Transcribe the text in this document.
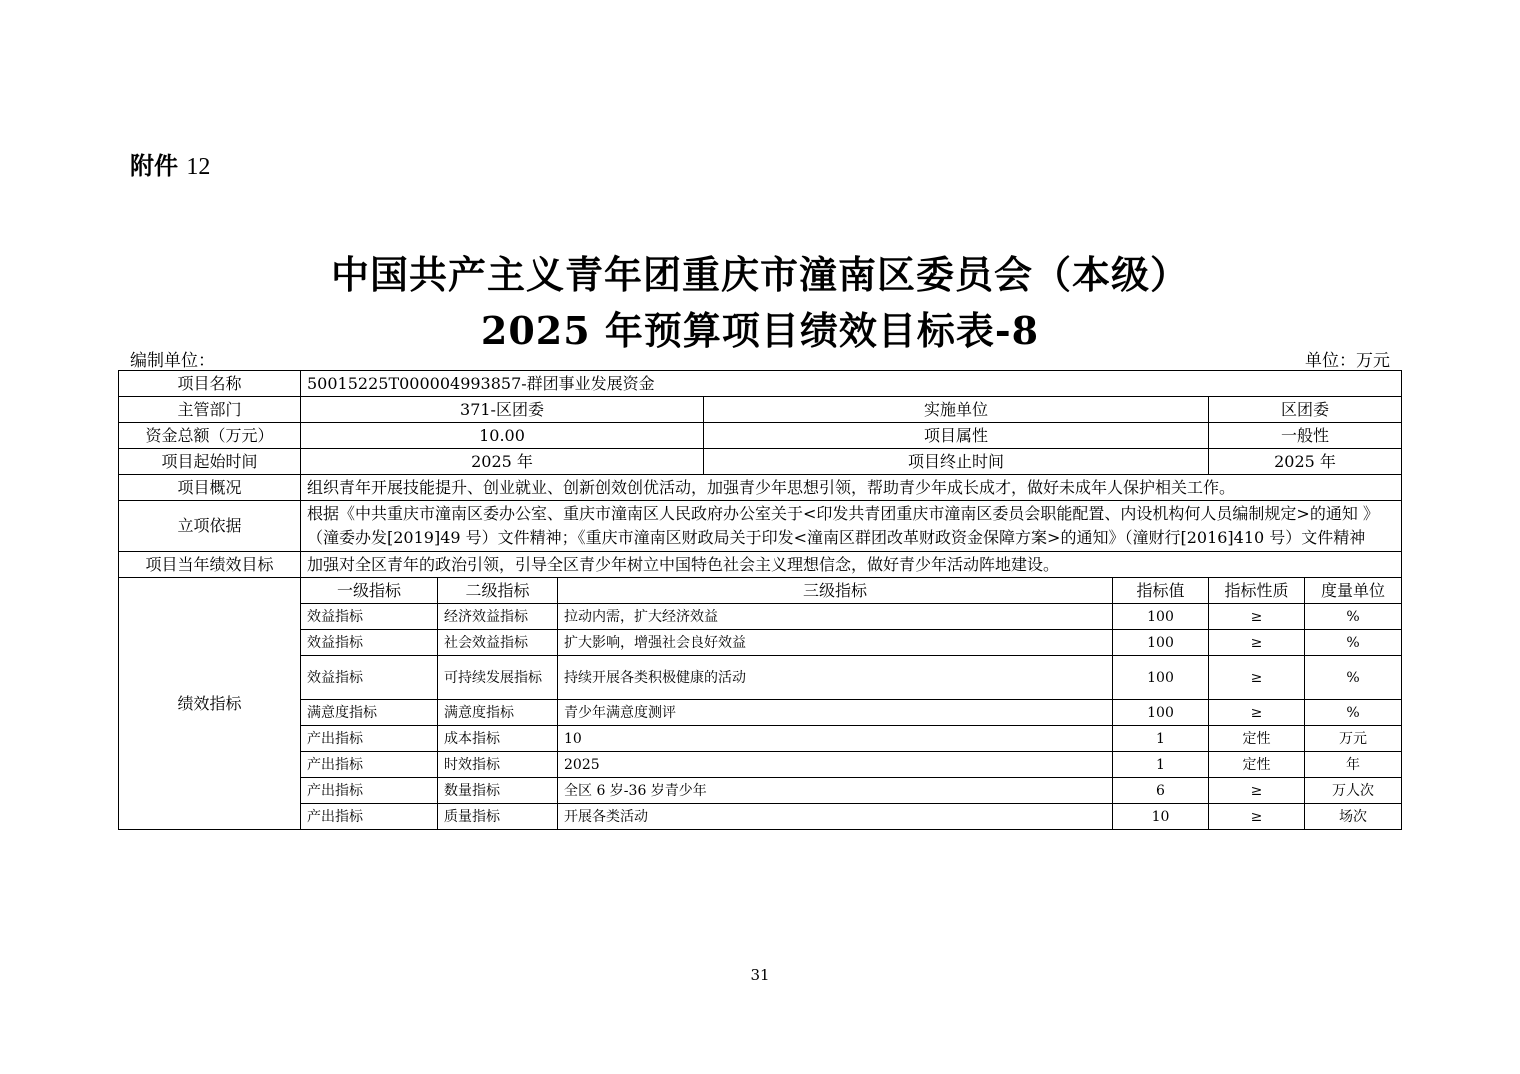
附件 12
中国共产主义青年团重庆市潼南区委员会（本级）
2025 年预算项目绩效目标表-8
编制单位：	单位：万元
项目名称	50015225T000004993857-群团事业发展资金						
主管部门	371-区团委			实施单位		区团委	
资金总额（万元）	10.00			项目属性		一般性	
项目起始时间	2025 年			项目终止时间		2025 年	
项目概况	组织青年开展技能提升、创业就业、创新创效创优活动，加强青少年思想引领，帮助青少年成长成才，做好未成年人保护相关工作。						
立项依据	根据《中共重庆市潼南区委办公室、重庆市潼南区人民政府办公室关于<印发共青团重庆市潼南区委员会职能配置、内设机构何人员编制规定>的通知 》（潼委办发[2019]49 号）文件精神；《重庆市潼南区财政局关于印发<潼南区群团改革财政资金保障方案>的通知》（潼财行[2016]410 号）文件精神						
项目当年绩效目标	加强对全区青年的政治引领，引导全区青少年树立中国特色社会主义理想信念，做好青少年活动阵地建设。						
绩效指标	一级指标	二级指标	三级指标		指标值	指标性质	度量单位
	效益指标	经济效益指标	拉动内需，扩大经济效益		100	≥	%
	效益指标	社会效益指标	扩大影响，增强社会良好效益		100	≥	%
	效益指标	可持续发展指标	持续开展各类积极健康的活动		100	≥	%
	满意度指标	满意度指标	青少年满意度测评		100	≥	%
	产出指标	成本指标	10		1	定性	万元
	产出指标	时效指标	2025		1	定性	年
	产出指标	数量指标	全区 6 岁-36 岁青少年		6	≥	万人次
	产出指标	质量指标	开展各类活动		10	≥	场次
31
